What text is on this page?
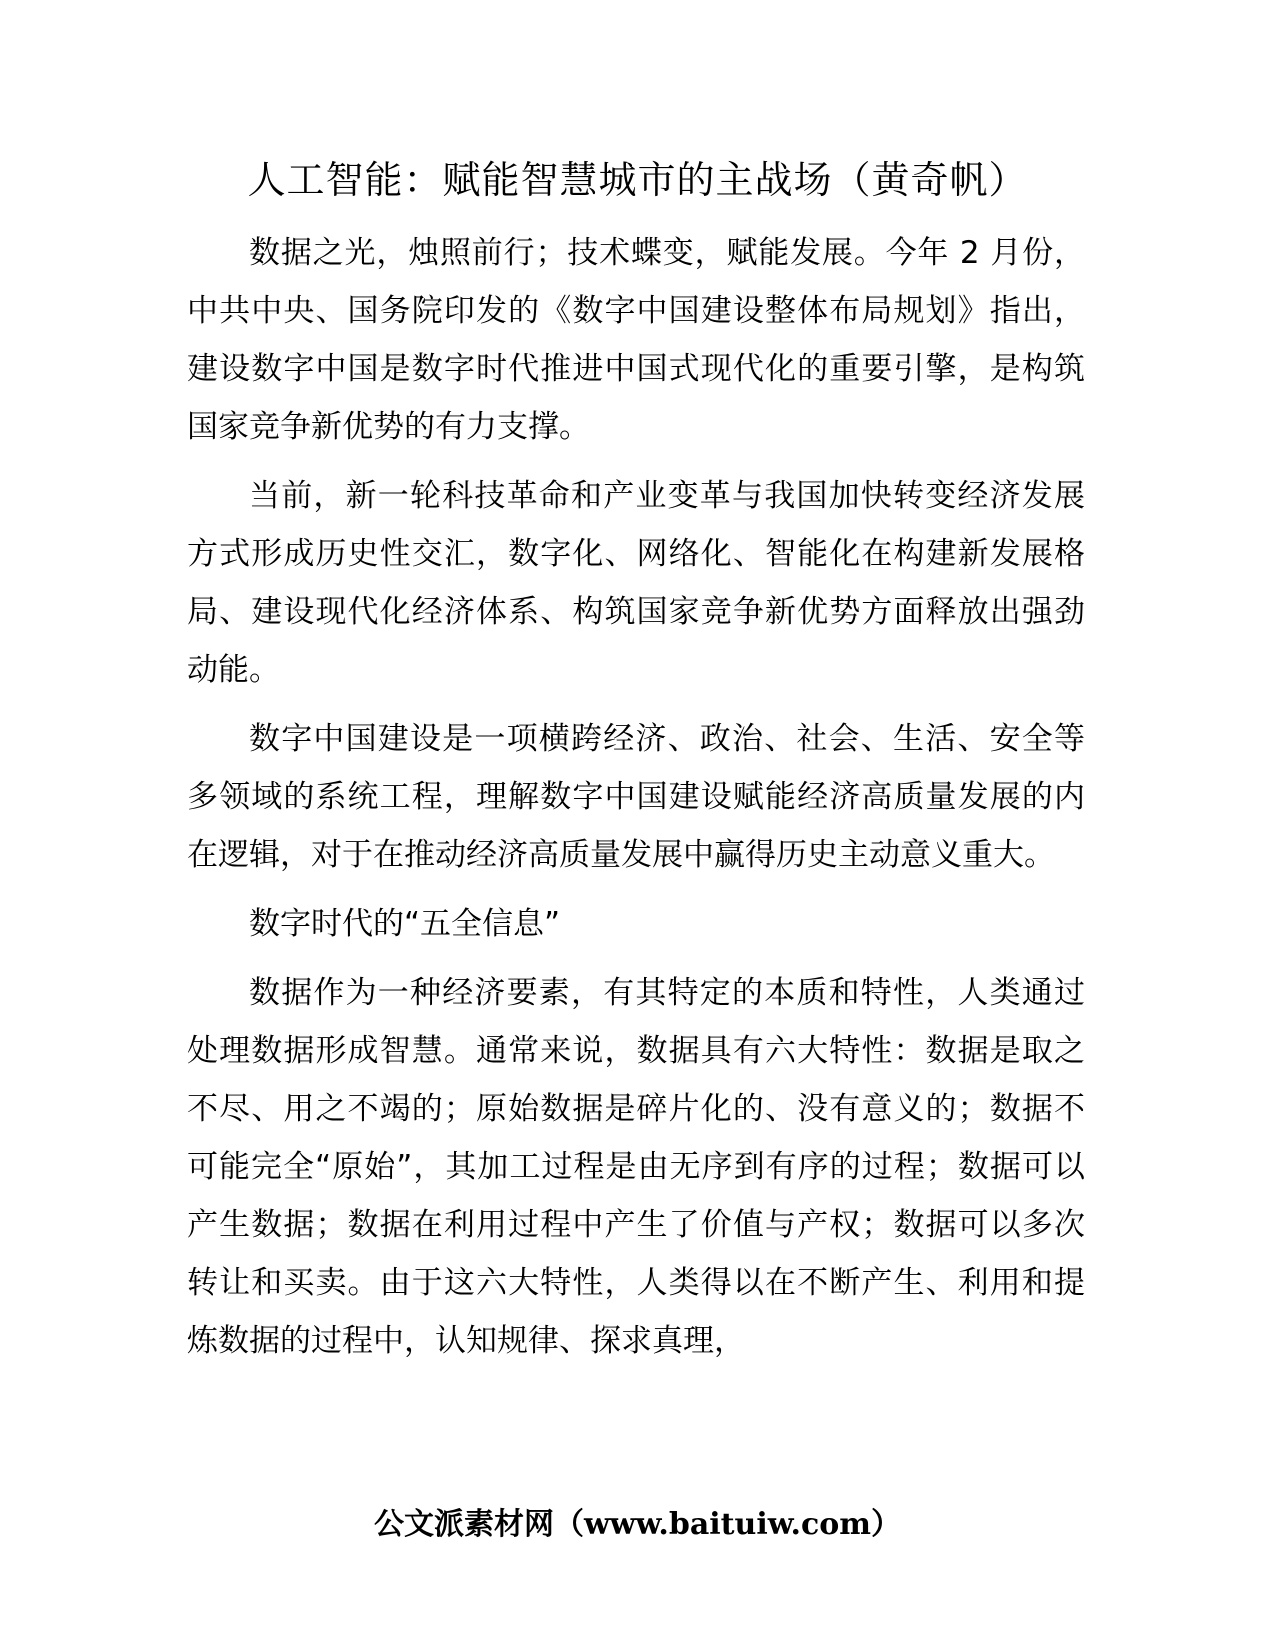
人工智能：赋能智慧城市的主战场（黄奇帆）

数据之光，烛照前行；技术蝶变，赋能发展。今年 2 月份，中共中央、国务院印发的《数字中国建设整体布局规划》指出，建设数字中国是数字时代推进中国式现代化的重要引擎，是构筑国家竞争新优势的有力支撑。

当前，新一轮科技革命和产业变革与我国加快转变经济发展方式形成历史性交汇，数字化、网络化、智能化在构建新发展格局、建设现代化经济体系、构筑国家竞争新优势方面释放出强劲动能。

数字中国建设是一项横跨经济、政治、社会、生活、安全等多领域的系统工程，理解数字中国建设赋能经济高质量发展的内在逻辑，对于在推动经济高质量发展中赢得历史主动意义重大。

数字时代的“五全信息”

数据作为一种经济要素，有其特定的本质和特性，人类通过处理数据形成智慧。通常来说，数据具有六大特性：数据是取之不尽、用之不竭的；原始数据是碎片化的、没有意义的；数据不可能完全“原始”，其加工过程是由无序到有序的过程；数据可以产生数据；数据在利用过程中产生了价值与产权；数据可以多次转让和买卖。由于这六大特性，人类得以在不断产生、利用和提炼数据的过程中，认知规律、探求真理，

公文派素材网（www.baituiw.com）
